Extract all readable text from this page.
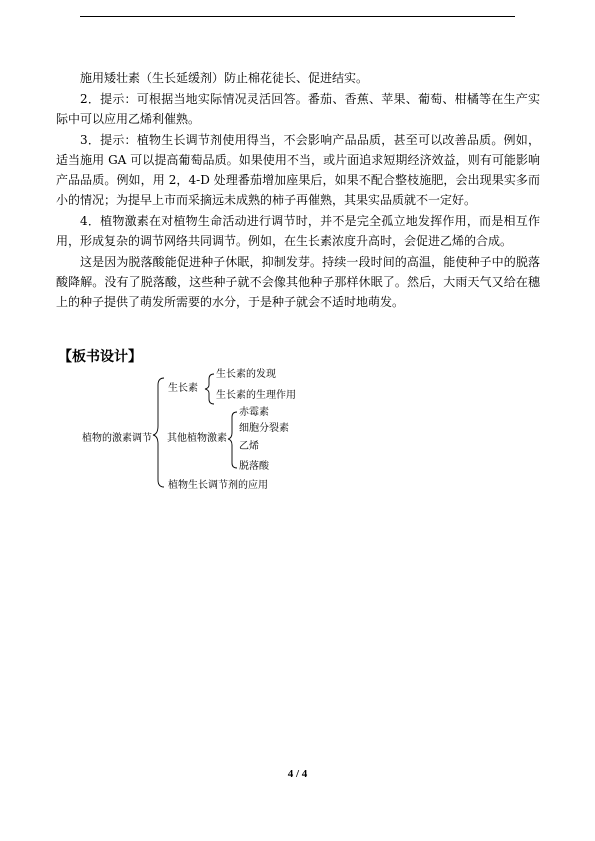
施用矮壮素（生长延缓剂）防止棉花徒长、促进结实。

2．提示：可根据当地实际情况灵活回答。番茄、香蕉、苹果、葡萄、柑橘等在生产实际中可以应用乙烯利催熟。

3．提示：植物生长调节剂使用得当，不会影响产品品质，甚至可以改善品质。例如，适当施用 GA 可以提高葡萄品质。如果使用不当，或片面追求短期经济效益，则有可能影响产品品质。例如，用 2，4-D 处理番茄增加座果后，如果不配合整枝施肥，会出现果实多而小的情况；为提早上市而采摘远未成熟的柿子再催熟，其果实品质就不一定好。

4．植物激素在对植物生命活动进行调节时，并不是完全孤立地发挥作用，而是相互作用，形成复杂的调节网络共同调节。例如，在生长素浓度升高时，会促进乙烯的合成。

这是因为脱落酸能促进种子休眠，抑制发芽。持续一段时间的高温，能使种子中的脱落酸降解。没有了脱落酸，这些种子就不会像其他种子那样休眠了。然后，大雨天气又给在穗上的种子提供了萌发所需要的水分，于是种子就会不适时地萌发。

【板书设计】
植物的激素调节
生长素
生长素的发现
生长素的生理作用
其他植物激素
赤霉素
细胞分裂素
乙烯
脱落酸
植物生长调节剂的应用
4 / 4
